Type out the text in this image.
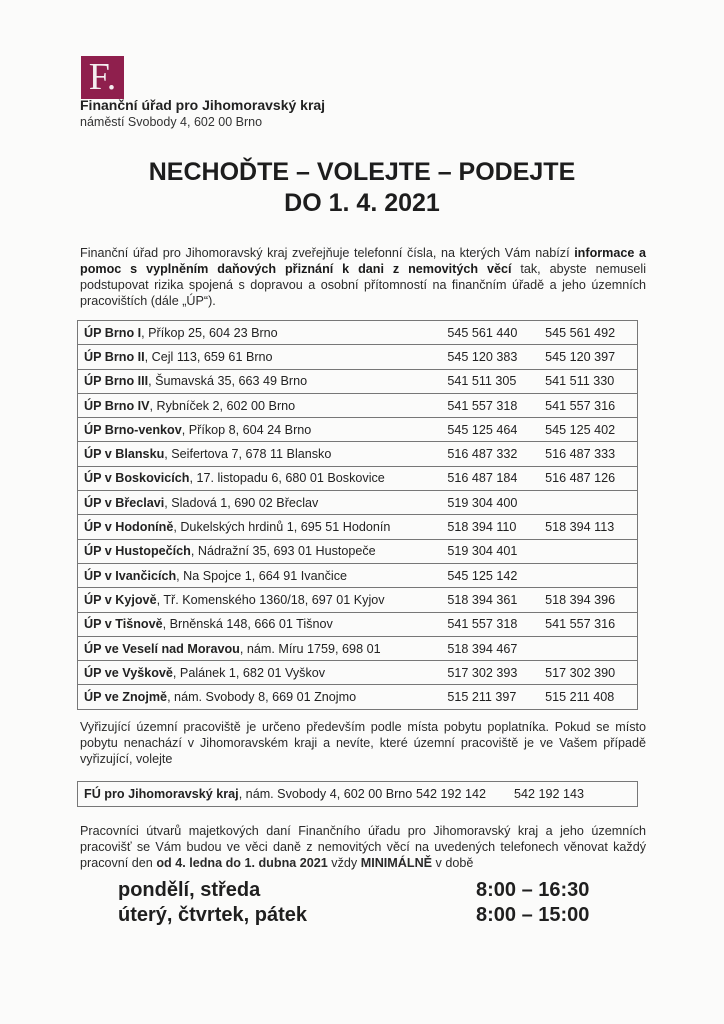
F.
Finanční úřad pro Jihomoravský kraj
náměstí Svobody 4, 602 00 Brno
NECHOĎTE – VOLEJTE – PODEJTE
DO 1. 4. 2021
Finanční úřad pro Jihomoravský kraj zveřejňuje telefonní čísla, na kterých Vám nabízí informace a pomoc s vyplněním daňových přiznání k dani z nemovitých věcí tak, abyste nemuseli podstupovat rizika spojená s dopravou a osobní přítomností na finančním úřadě a jeho územních pracovištích (dále „ÚP“).
ÚP Brno I, Příkop 25, 604 23 Brno	545 561 440	545 561 492
ÚP Brno II, Cejl 113, 659 61 Brno	545 120 383	545 120 397
ÚP Brno III, Šumavská 35, 663 49 Brno	541 511 305	541 511 330
ÚP Brno IV, Rybníček 2, 602 00 Brno	541 557 318	541 557 316
ÚP Brno-venkov, Příkop 8, 604 24 Brno	545 125 464	545 125 402
ÚP v Blansku, Seifertova 7, 678 11 Blansko	516 487 332	516 487 333
ÚP v Boskovicích, 17. listopadu 6, 680 01 Boskovice	516 487 184	516 487 126
ÚP v Břeclavi, Sladová 1, 690 02 Břeclav	519 304 400	
ÚP v Hodoníně, Dukelských hrdinů 1, 695 51 Hodonín	518 394 110	518 394 113
ÚP v Hustopečích, Nádražní 35, 693 01 Hustopeče	519 304 401	
ÚP v Ivančicích, Na Spojce 1, 664 91 Ivančice	545 125 142	
ÚP v Kyjově, Tř. Komenského 1360/18, 697 01 Kyjov	518 394 361	518 394 396
ÚP v Tišnově, Brněnská 148, 666 01 Tišnov	541 557 318	541 557 316
ÚP ve Veselí nad Moravou, nám. Míru 1759, 698 01	518 394 467	
ÚP ve Vyškově, Palánek 1, 682 01 Vyškov	517 302 393	517 302 390
ÚP ve Znojmě, nám. Svobody 8, 669 01 Znojmo	515 211 397	515 211 408
Vyřizující územní pracoviště je určeno především podle místa pobytu poplatníka. Pokud se místo pobytu nenachází v Jihomoravském kraji a nevíte, které územní pracoviště je ve Vašem případě vyřizující, volejte
FÚ pro Jihomoravský kraj, nám. Svobody 4, 602 00 Brno	542 192 142	542 192 143
Pracovníci útvarů majetkových daní Finančního úřadu pro Jihomoravský kraj a jeho územních pracovišť se Vám budou ve věci daně z nemovitých věcí na uvedených telefonech věnovat každý pracovní den od 4. ledna do 1. dubna 2021 vždy MINIMÁLNĚ v době
pondělí, středa	8:00 – 16:30
úterý, čtvrtek, pátek	8:00 – 15:00
